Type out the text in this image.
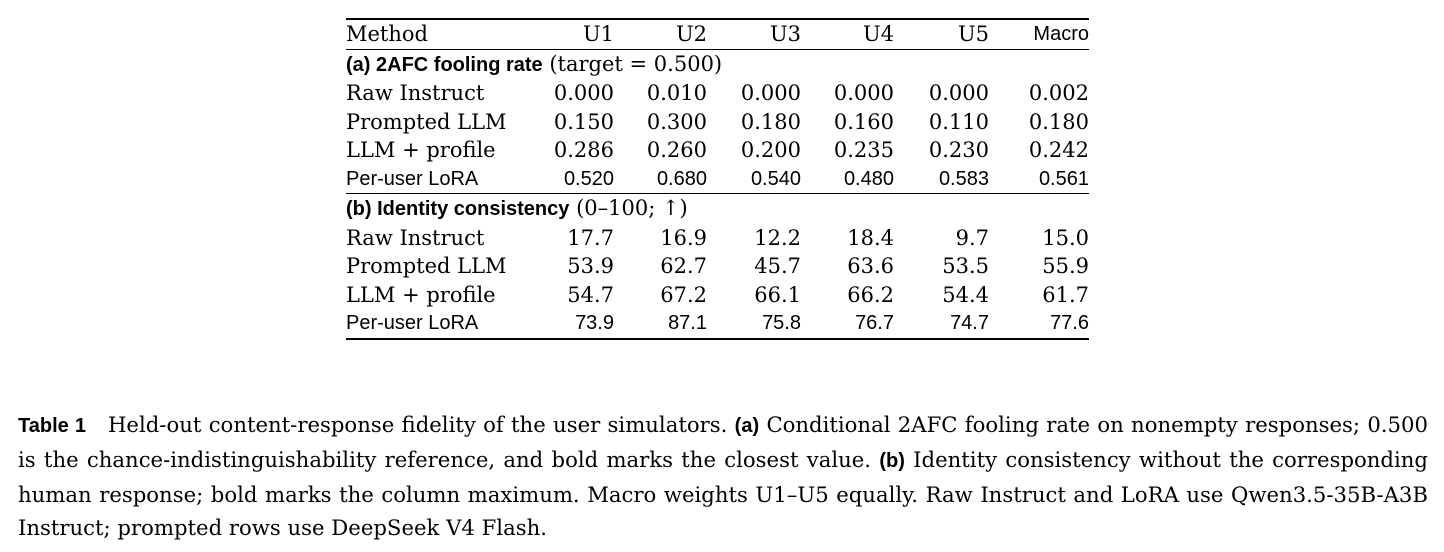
Method	U1	U2	U3	U4	U5	Macro
(a) 2AFC fooling rate (target = 0.500)						
Raw Instruct	0.000	0.010	0.000	0.000	0.000	0.002
Prompted LLM	0.150	0.300	0.180	0.160	0.110	0.180
LLM + profile	0.286	0.260	0.200	0.235	0.230	0.242
Per-user LoRA	0.520	0.680	0.540	0.480	0.583	0.561
(b) Identity consistency (0–100; ↑)						
Raw Instruct	17.7	16.9	12.2	18.4	9.7	15.0
Prompted LLM	53.9	62.7	45.7	63.6	53.5	55.9
LLM + profile	54.7	67.2	66.1	66.2	54.4	61.7
Per-user LoRA	73.9	87.1	75.8	76.7	74.7	77.6

Table 1 Held-out content-response fidelity of the user simulators. (a) Conditional 2AFC fooling rate on nonempty responses; 0.500 is the chance-indistinguishability reference, and bold marks the closest value. (b) Identity consistency without the corresponding human response; bold marks the column maximum. Macro weights U1–U5 equally. Raw Instruct and LoRA use Qwen3.5-35B-A3B Instruct; prompted rows use DeepSeek V4 Flash.
